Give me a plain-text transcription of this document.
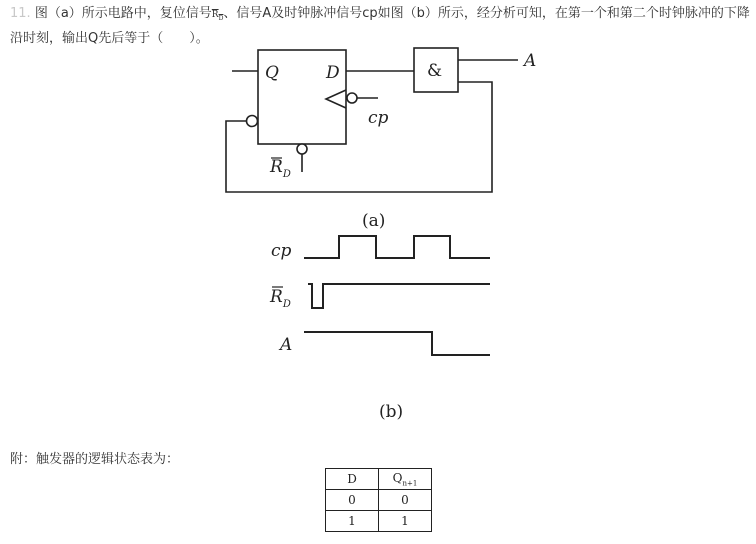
11. 图（a）所示电路中，复位信号$R_D$、信号A及时钟脉冲信号cp如图（b）所示，经分析可知，在第一个和第二个时钟脉冲的下降沿时刻，输出Q先后等于（　　）。
Q	D	&	A
cp
$R_D$
(a)
cp
$R_D$
A
(b)
附：触发器的逻辑状态表为：
D	$Q_{n+1}$
0	0
1	1
